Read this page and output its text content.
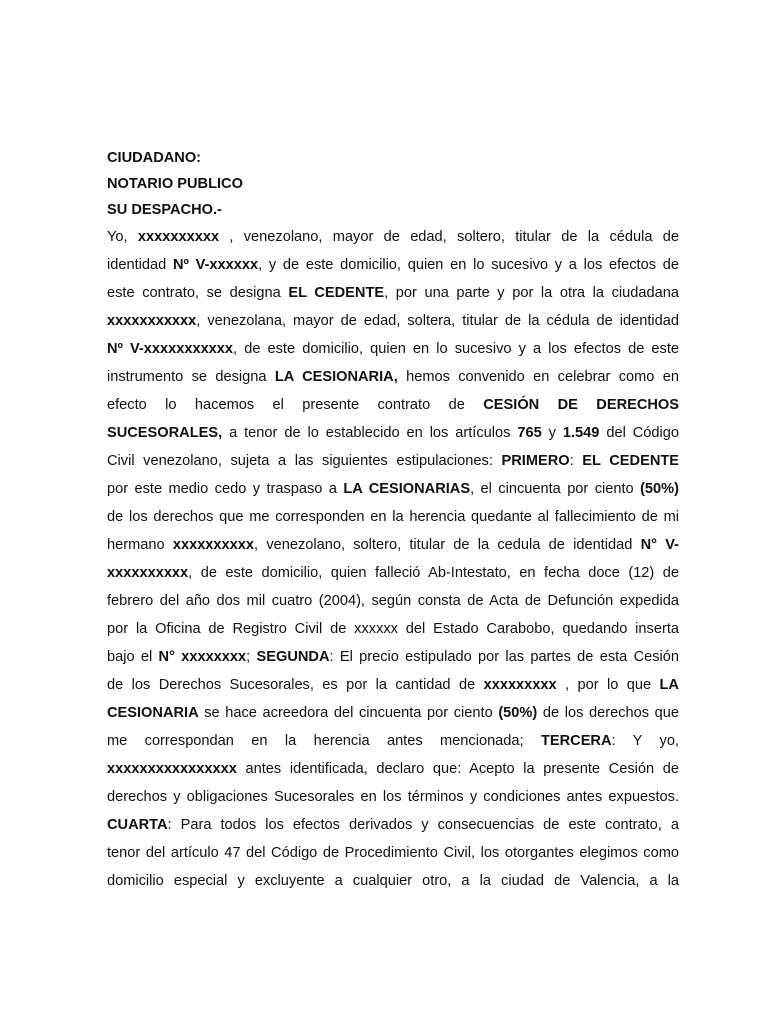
CIUDADANO:
NOTARIO PUBLICO
SU DESPACHO.-
Yo, xxxxxxxxxx , venezolano, mayor de edad, soltero, titular de la cédula de
identidad Nº V-xxxxxx, y de este domicilio, quien en lo sucesivo y a los efectos de
este contrato, se designa EL CEDENTE, por una parte y por la otra la ciudadana
xxxxxxxxxxx, venezolana, mayor de edad, soltera, titular de la cédula de identidad
Nº V-xxxxxxxxxxx, de este domicilio, quien en lo sucesivo y a los efectos de este
instrumento se designa LA CESIONARIA, hemos convenido en celebrar como en
efecto lo hacemos el presente contrato de CESIÓN DE DERECHOS
SUCESORALES, a tenor de lo establecido en los artículos 765 y 1.549 del Código
Civil venezolano, sujeta a las siguientes estipulaciones: PRIMERO: EL CEDENTE
por este medio cedo y traspaso a LA CESIONARIAS, el cincuenta por ciento (50%)
de los derechos que me corresponden en la herencia quedante al fallecimiento de mi
hermano xxxxxxxxxx, venezolano, soltero, titular de la cedula de identidad N° V-
xxxxxxxxxx, de este domicilio, quien falleció Ab-Intestato, en fecha doce (12) de
febrero del año dos mil cuatro (2004), según consta de Acta de Defunción expedida
por la Oficina de Registro Civil de xxxxxx del Estado Carabobo, quedando inserta
bajo el N° xxxxxxxx; SEGUNDA: El precio estipulado por las partes de esta Cesión
de los Derechos Sucesorales, es por la cantidad de xxxxxxxxx , por lo que LA
CESIONARIA se hace acreedora del cincuenta por ciento (50%) de los derechos que
me correspondan en la herencia antes mencionada; TERCERA: Y yo,
xxxxxxxxxxxxxxxx antes identificada, declaro que: Acepto la presente Cesión de
derechos y obligaciones Sucesorales en los términos y condiciones antes expuestos.
CUARTA: Para todos los efectos derivados y consecuencias de este contrato, a
tenor del artículo 47 del Código de Procedimiento Civil, los otorgantes elegimos como
domicilio especial y excluyente a cualquier otro, a la ciudad de Valencia, a la
